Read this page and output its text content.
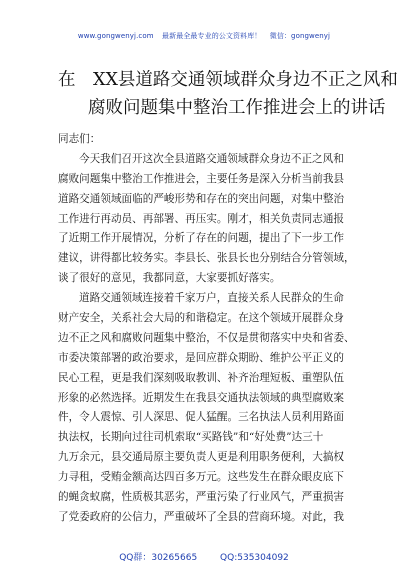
www.gongwenyj.com 最新最全最专业的公文资料库！ 微信：gongwenyj
在　XX县道路交通领域群众身边不正之风和
腐败问题集中整治工作推进会上的讲话
同志们：
今天我们召开这次全县道路交通领域群众身边不正之风和
腐败问题集中整治工作推进会，主要任务是深入分析当前我县
道路交通领域面临的严峻形势和存在的突出问题，对集中整治
工作进行再动员、再部署、再压实。刚才，相关负责同志通报
了近期工作开展情况，分析了存在的问题，提出了下一步工作
建议，讲得都比较务实。李县长、张县长也分别结合分管领域，
谈了很好的意见，我都同意，大家要抓好落实。
道路交通领域连接着千家万户，直接关系人民群众的生命
财产安全，关系社会大局的和谐稳定。在这个领域开展群众身
边不正之风和腐败问题集中整治，不仅是贯彻落实中央和省委、
市委决策部署的政治要求，是回应群众期盼、维护公平正义的
民心工程，更是我们深刻吸取教训、补齐治理短板、重塑队伍
形象的必然选择。近期发生在我县交通执法领域的典型腐败案
件，令人震惊、引人深思、促人猛醒。三名执法人员利用路面
执法权，长期向过往司机索取“买路钱”和“好处费”达三十
九万余元，县交通局原主要负责人更是利用职务便利，大搞权
力寻租，受贿金额高达四百多万元。这些发生在群众眼皮底下
的蝇贪蚁腐，性质极其恶劣，严重污染了行业风气，严重损害
了党委政府的公信力，严重破坏了全县的营商环境。对此，我
QQ群：30265665	QQ:535304092
